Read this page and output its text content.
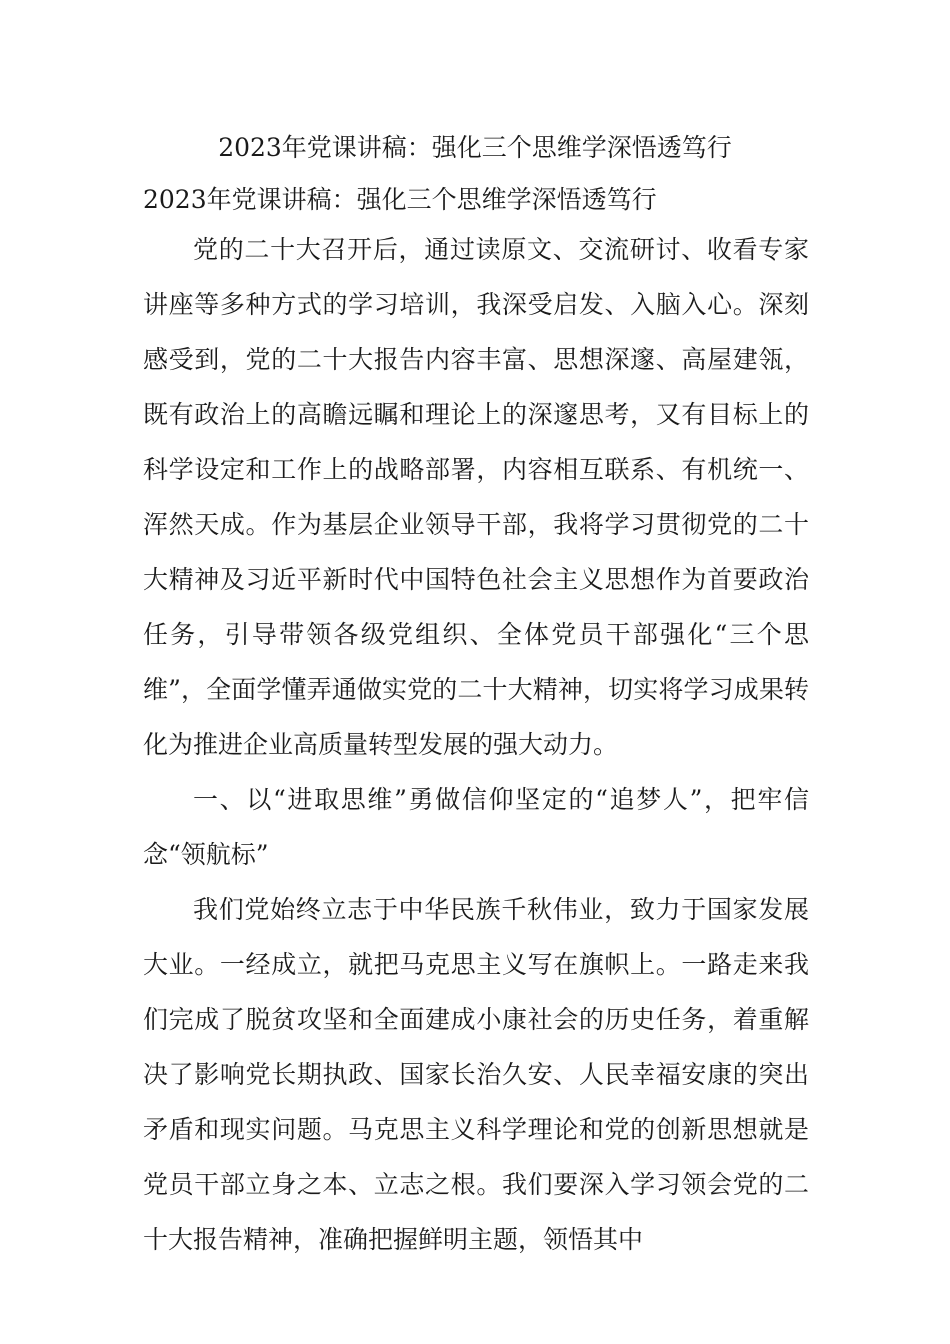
2023年党课讲稿：强化三个思维学深悟透笃行
2023年党课讲稿：强化三个思维学深悟透笃行

党的二十大召开后，通过读原文、交流研讨、收看专家讲座等多种方式的学习培训，我深受启发、入脑入心。深刻感受到，党的二十大报告内容丰富、思想深邃、高屋建瓴，既有政治上的高瞻远瞩和理论上的深邃思考，又有目标上的科学设定和工作上的战略部署，内容相互联系、有机统一、浑然天成。作为基层企业领导干部，我将学习贯彻党的二十大精神及习近平新时代中国特色社会主义思想作为首要政治任务，引导带领各级党组织、全体党员干部强化“三个思维”，全面学懂弄通做实党的二十大精神，切实将学习成果转化为推进企业高质量转型发展的强大动力。

一、以“进取思维”勇做信仰坚定的“追梦人”，把牢信念“领航标”

我们党始终立志于中华民族千秋伟业，致力于国家发展大业。一经成立，就把马克思主义写在旗帜上。一路走来我们完成了脱贫攻坚和全面建成小康社会的历史任务，着重解决了影响党长期执政、国家长治久安、人民幸福安康的突出矛盾和现实问题。马克思主义科学理论和党的创新思想就是党员干部立身之本、立志之根。我们要深入学习领会党的二十大报告精神，准确把握鲜明主题，领悟其中
